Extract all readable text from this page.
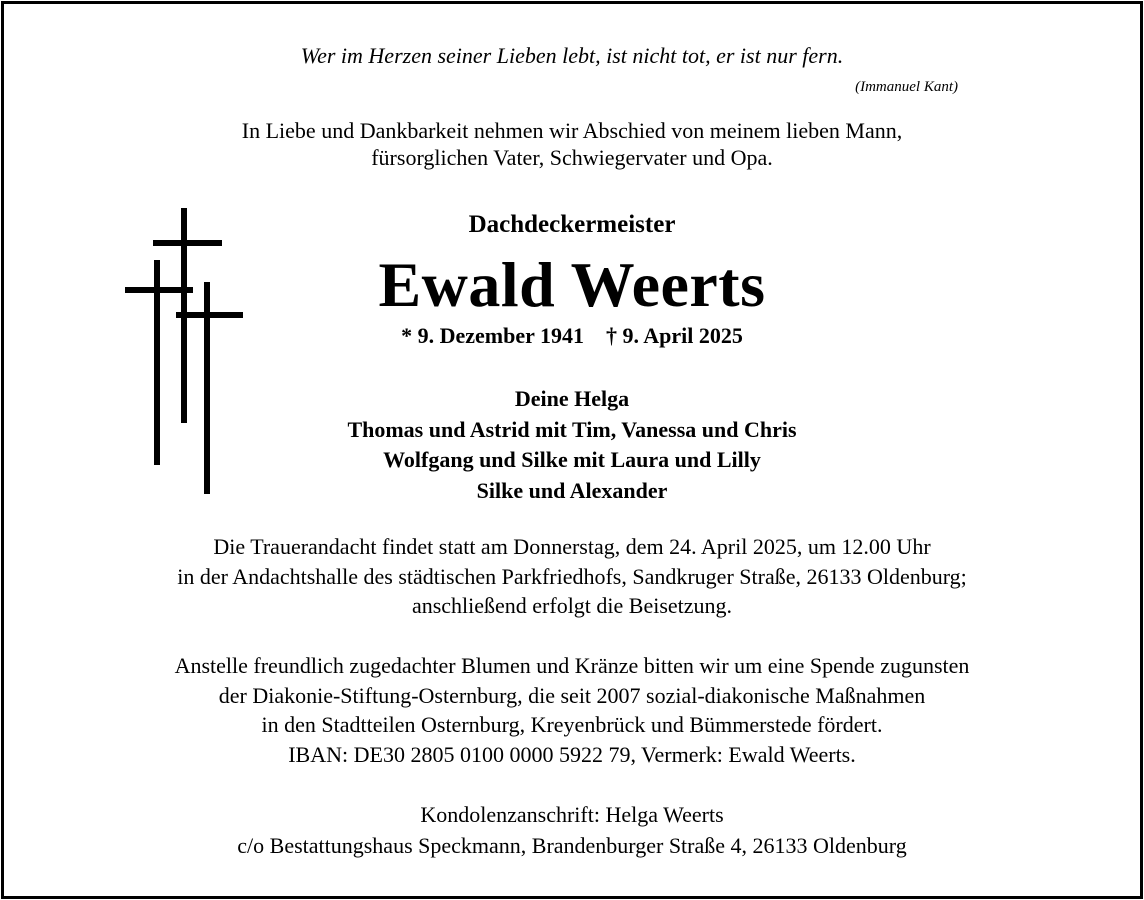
Wer im Herzen seiner Lieben lebt, ist nicht tot, er ist nur fern.
(Immanuel Kant)
In Liebe und Dankbarkeit nehmen wir Abschied von meinem lieben Mann,
fürsorglichen Vater, Schwiegervater und Opa.
Dachdeckermeister
Ewald Weerts
* 9. Dezember 1941 † 9. April 2025
Deine Helga
Thomas und Astrid mit Tim, Vanessa und Chris
Wolfgang und Silke mit Laura und Lilly
Silke und Alexander
Die Trauerandacht findet statt am Donnerstag, dem 24. April 2025, um 12.00 Uhr
in der Andachtshalle des städtischen Parkfriedhofs, Sandkruger Straße, 26133 Oldenburg;
anschließend erfolgt die Beisetzung.
Anstelle freundlich zugedachter Blumen und Kränze bitten wir um eine Spende zugunsten
der Diakonie-Stiftung-Osternburg, die seit 2007 sozial-diakonische Maßnahmen
in den Stadtteilen Osternburg, Kreyenbrück und Bümmerstede fördert.
IBAN: DE30 2805 0100 0000 5922 79, Vermerk: Ewald Weerts.
Kondolenzanschrift: Helga Weerts
c/o Bestattungshaus Speckmann, Brandenburger Straße 4, 26133 Oldenburg
